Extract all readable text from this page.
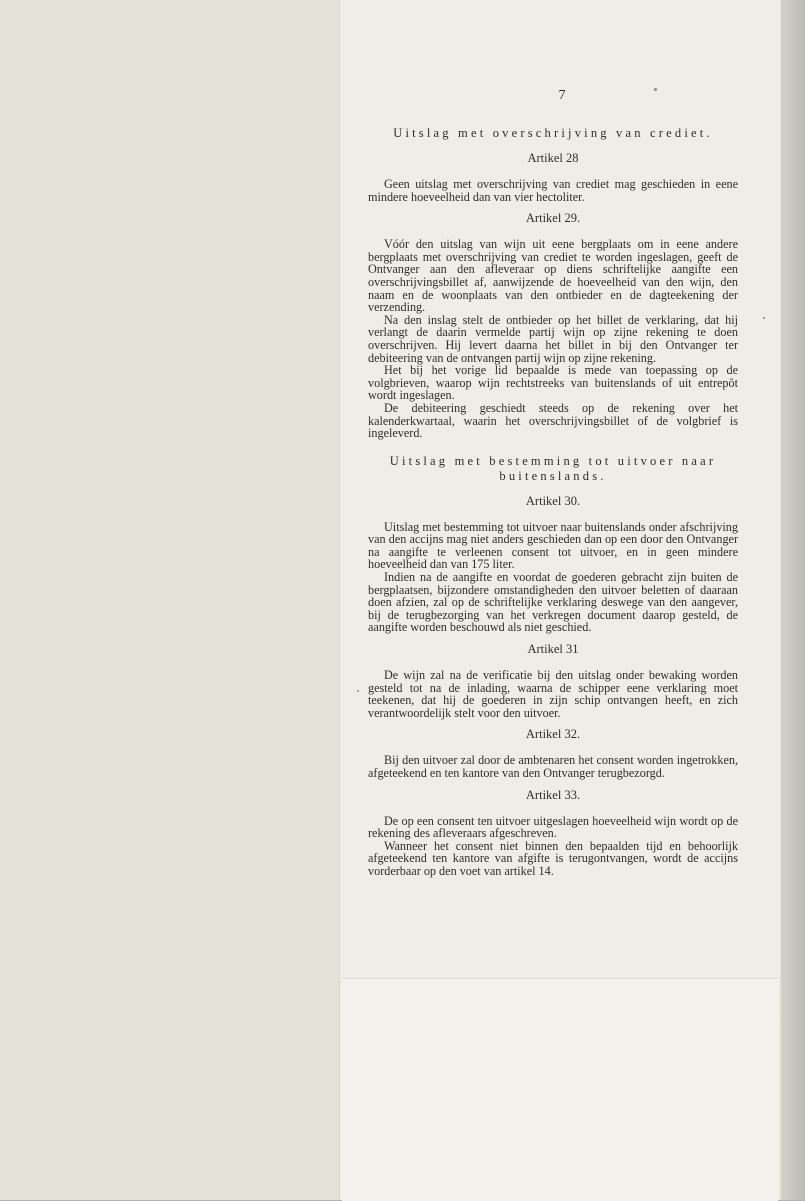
7
Uitslag met overschrijving van crediet.
Artikel 28

Geen uitslag met overschrijving van crediet mag geschieden in eene mindere hoeveelheid dan van vier hectoliter.

Artikel 29.

Vóór den uitslag van wijn uit eene bergplaats om in eene andere bergplaats met overschrijving van crediet te worden ingeslagen, geeft de Ontvanger aan den afleveraar op diens schriftelijke aangifte een overschrijvingsbillet af, aanwijzende de hoeveelheid van den wijn, den naam en de woonplaats van den ontbieder en de dagteekening der verzending.

Na den inslag stelt de ontbieder op het billet de verklaring, dat hij verlangt de daarin vermelde partij wijn op zijne rekening te doen overschrijven. Hij levert daarna het billet in bij den Ontvanger ter debiteering van de ontvangen partij wijn op zijne rekening.

Het bij het vorige lid bepaalde is mede van toepassing op de volgbrieven, waarop wijn rechtstreeks van buitenslands of uit entrepôt wordt ingeslagen.

De debiteering geschiedt steeds op de rekening over het kalenderkwartaal, waarin het overschrijvingsbillet of de volgbrief is ingeleverd.

Uitslag met bestemming tot uitvoer naar
buitenslands.
Artikel 30.

Uitslag met bestemming tot uitvoer naar buitenslands onder afschrijving van den accijns mag niet anders geschieden dan op een door den Ontvanger na aangifte te verleenen consent tot uitvoer, en in geen mindere hoeveelheid dan van 175 liter.

Indien na de aangifte en voordat de goederen gebracht zijn buiten de bergplaatsen, bijzondere omstandigheden den uitvoer beletten of daaraan doen afzien, zal op de schriftelijke verklaring deswege van den aangever, bij de terugbezorging van het verkregen document daarop gesteld, de aangifte worden beschouwd als niet geschied.

Artikel 31

De wijn zal na de verificatie bij den uitslag onder bewaking worden gesteld tot na de inlading, waarna de schipper eene verklaring moet teekenen, dat hij de goederen in zijn schip ontvangen heeft, en zich verantwoordelijk stelt voor den uitvoer.

Artikel 32.

Bij den uitvoer zal door de ambtenaren het consent worden ingetrokken, afgeteekend en ten kantore van den Ontvanger terugbezorgd.

Artikel 33.

De op een consent ten uitvoer uitgeslagen hoeveelheid wijn wordt op de rekening des afleveraars afgeschreven.

Wanneer het consent niet binnen den bepaalden tijd en behoorlijk afgeteekend ten kantore van afgifte is terugontvangen, wordt de accijns vorderbaar op den voet van artikel 14.
